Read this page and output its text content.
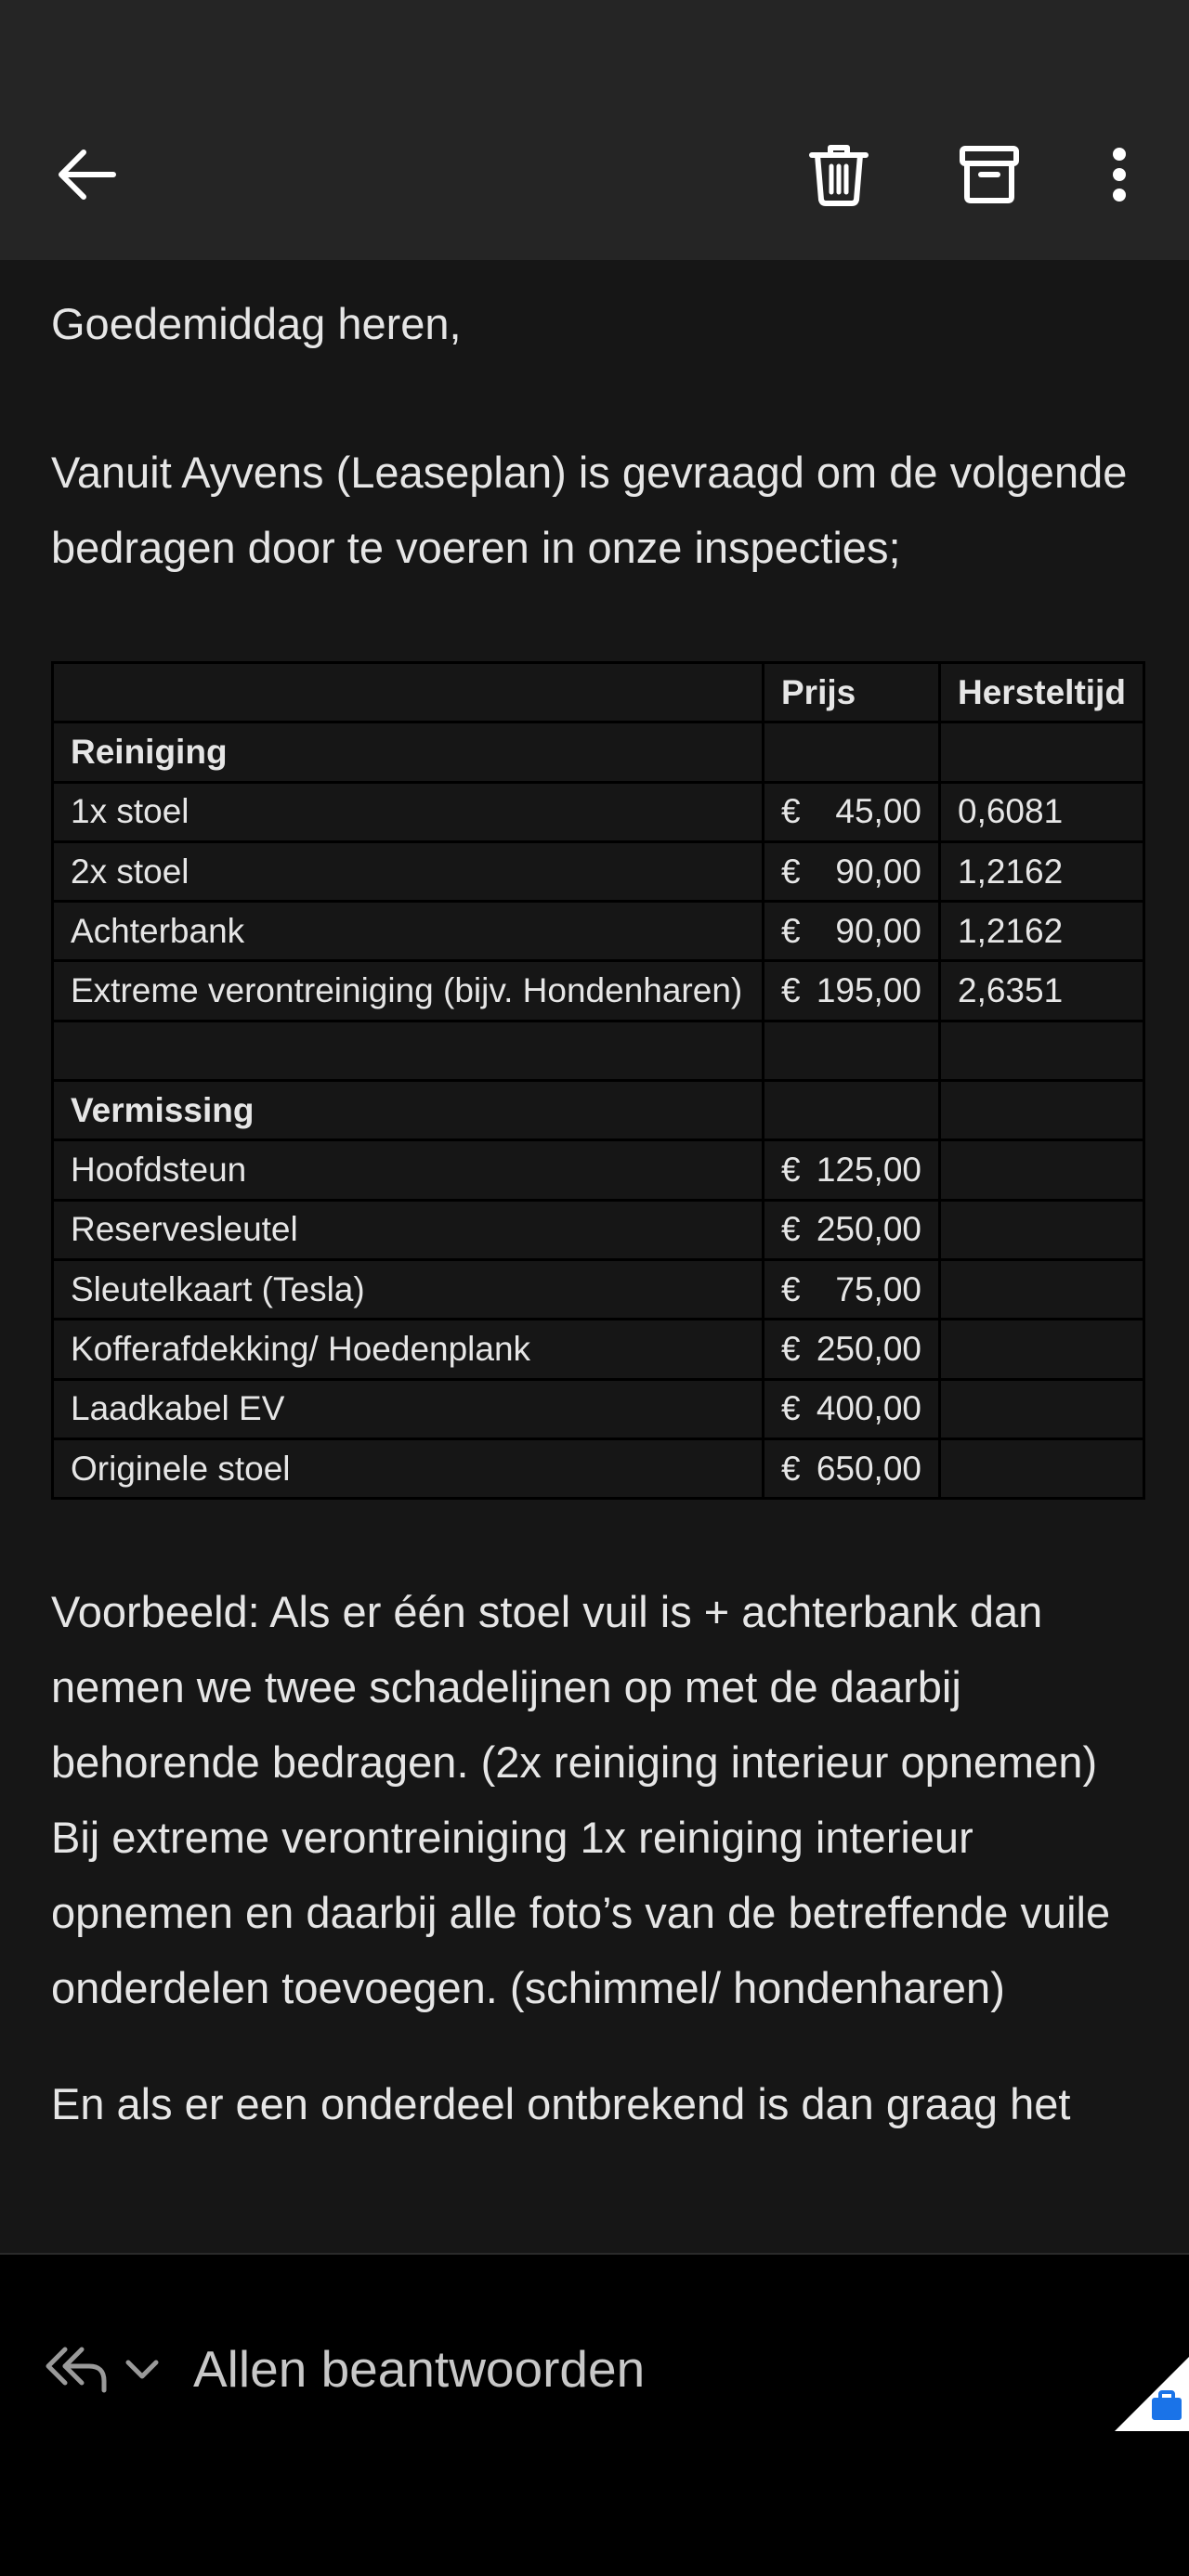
Goedemiddag heren,

Vanuit Ayvens (Leaseplan) is gevraagd om de volgende bedragen door te voeren in onze inspecties;

	Prijs	Hersteltijd
Reiniging	

1x stoel	€ 45,00	0,6081
2x stoel	€ 90,00	1,2162
Achterbank	€ 90,00	1,2162
Extreme verontreiniging (bijv. Hondenharen)	€ 195,00	2,6351

Vermissing	

Hoofdsteun	€ 125,00	

Reservesleutel	€ 250,00	

Sleutelkaart (Tesla)	€ 75,00	

Kofferafdekking/ Hoedenplank	€ 250,00	

Laadkabel EV	€ 400,00	

Originele stoel	€ 650,00	

Voorbeeld: Als er één stoel vuil is + achterbank dan nemen we twee schadelijnen op met de daarbij behorende bedragen. (2x reiniging interieur opnemen) Bij extreme verontreiniging 1x reiniging interieur opnemen en daarbij alle foto’s van de betreffende vuile onderdelen toevoegen. (schimmel/ hondenharen)

En als er een onderdeel ontbrekend is dan graag het

Allen beantwoorden
